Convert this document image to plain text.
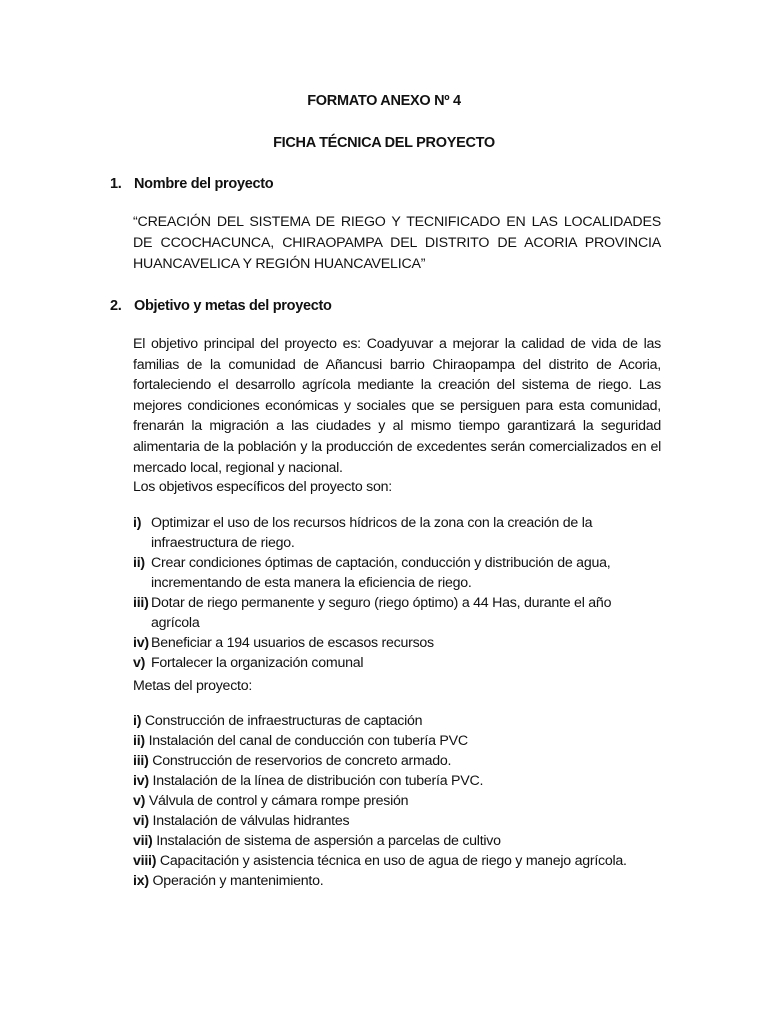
FORMATO ANEXO Nº 4
FICHA TÉCNICA DEL PROYECTO
1. Nombre del proyecto
“CREACIÓN DEL SISTEMA DE RIEGO Y TECNIFICADO EN LAS LOCALIDADES DE CCOCHACUNCA, CHIRAOPAMPA DEL DISTRITO DE ACORIA PROVINCIA HUANCAVELICA Y REGIÓN HUANCAVELICA”
2. Objetivo y metas del proyecto
El objetivo principal del proyecto es: Coadyuvar a mejorar la calidad de vida de las familias de la comunidad de Añancusi barrio Chiraopampa del distrito de Acoria, fortaleciendo el desarrollo agrícola mediante la creación del sistema de riego. Las mejores condiciones económicas y sociales que se persiguen para esta comunidad, frenarán la migración a las ciudades y al mismo tiempo garantizará la seguridad alimentaria de la población y la producción de excedentes serán comercializados en el mercado local, regional y nacional.
Los objetivos específicos del proyecto son:
i) Optimizar el uso de los recursos hídricos de la zona con la creación de la infraestructura de riego.
ii) Crear condiciones óptimas de captación, conducción y distribución de agua, incrementando de esta manera la eficiencia de riego.
iii) Dotar de riego permanente y seguro (riego óptimo) a 44 Has, durante el año agrícola
iv) Beneficiar a 194 usuarios de escasos recursos
v) Fortalecer la organización comunal
Metas del proyecto:
i) Construcción de infraestructuras de captación
ii) Instalación del canal de conducción con tubería PVC
iii) Construcción de reservorios de concreto armado.
iv) Instalación de la línea de distribución con tubería PVC.
v) Válvula de control y cámara rompe presión
vi) Instalación de válvulas hidrantes
vii) Instalación de sistema de aspersión a parcelas de cultivo
viii) Capacitación y asistencia técnica en uso de agua de riego y manejo agrícola.
ix) Operación y mantenimiento.
